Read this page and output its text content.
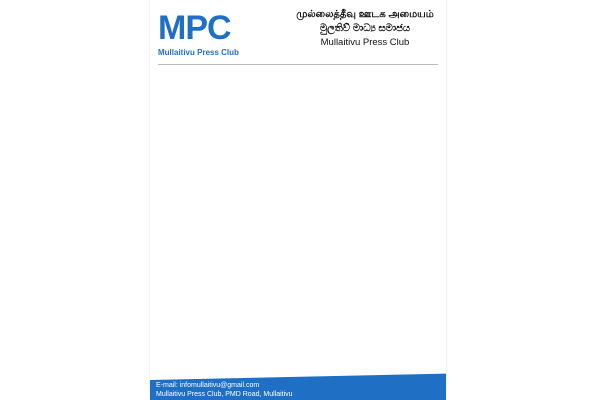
MPC
Mullaitivu Press Club
முல்லைத்தீவு ஊடக அமையம்
මුලතිව් මාධ්‍ය සමාජය
Mullaitivu Press Club
E-mail: infomullaitivu@gmail.com
Mullaitivu Press Club, PMD Road, Mullaitivu
